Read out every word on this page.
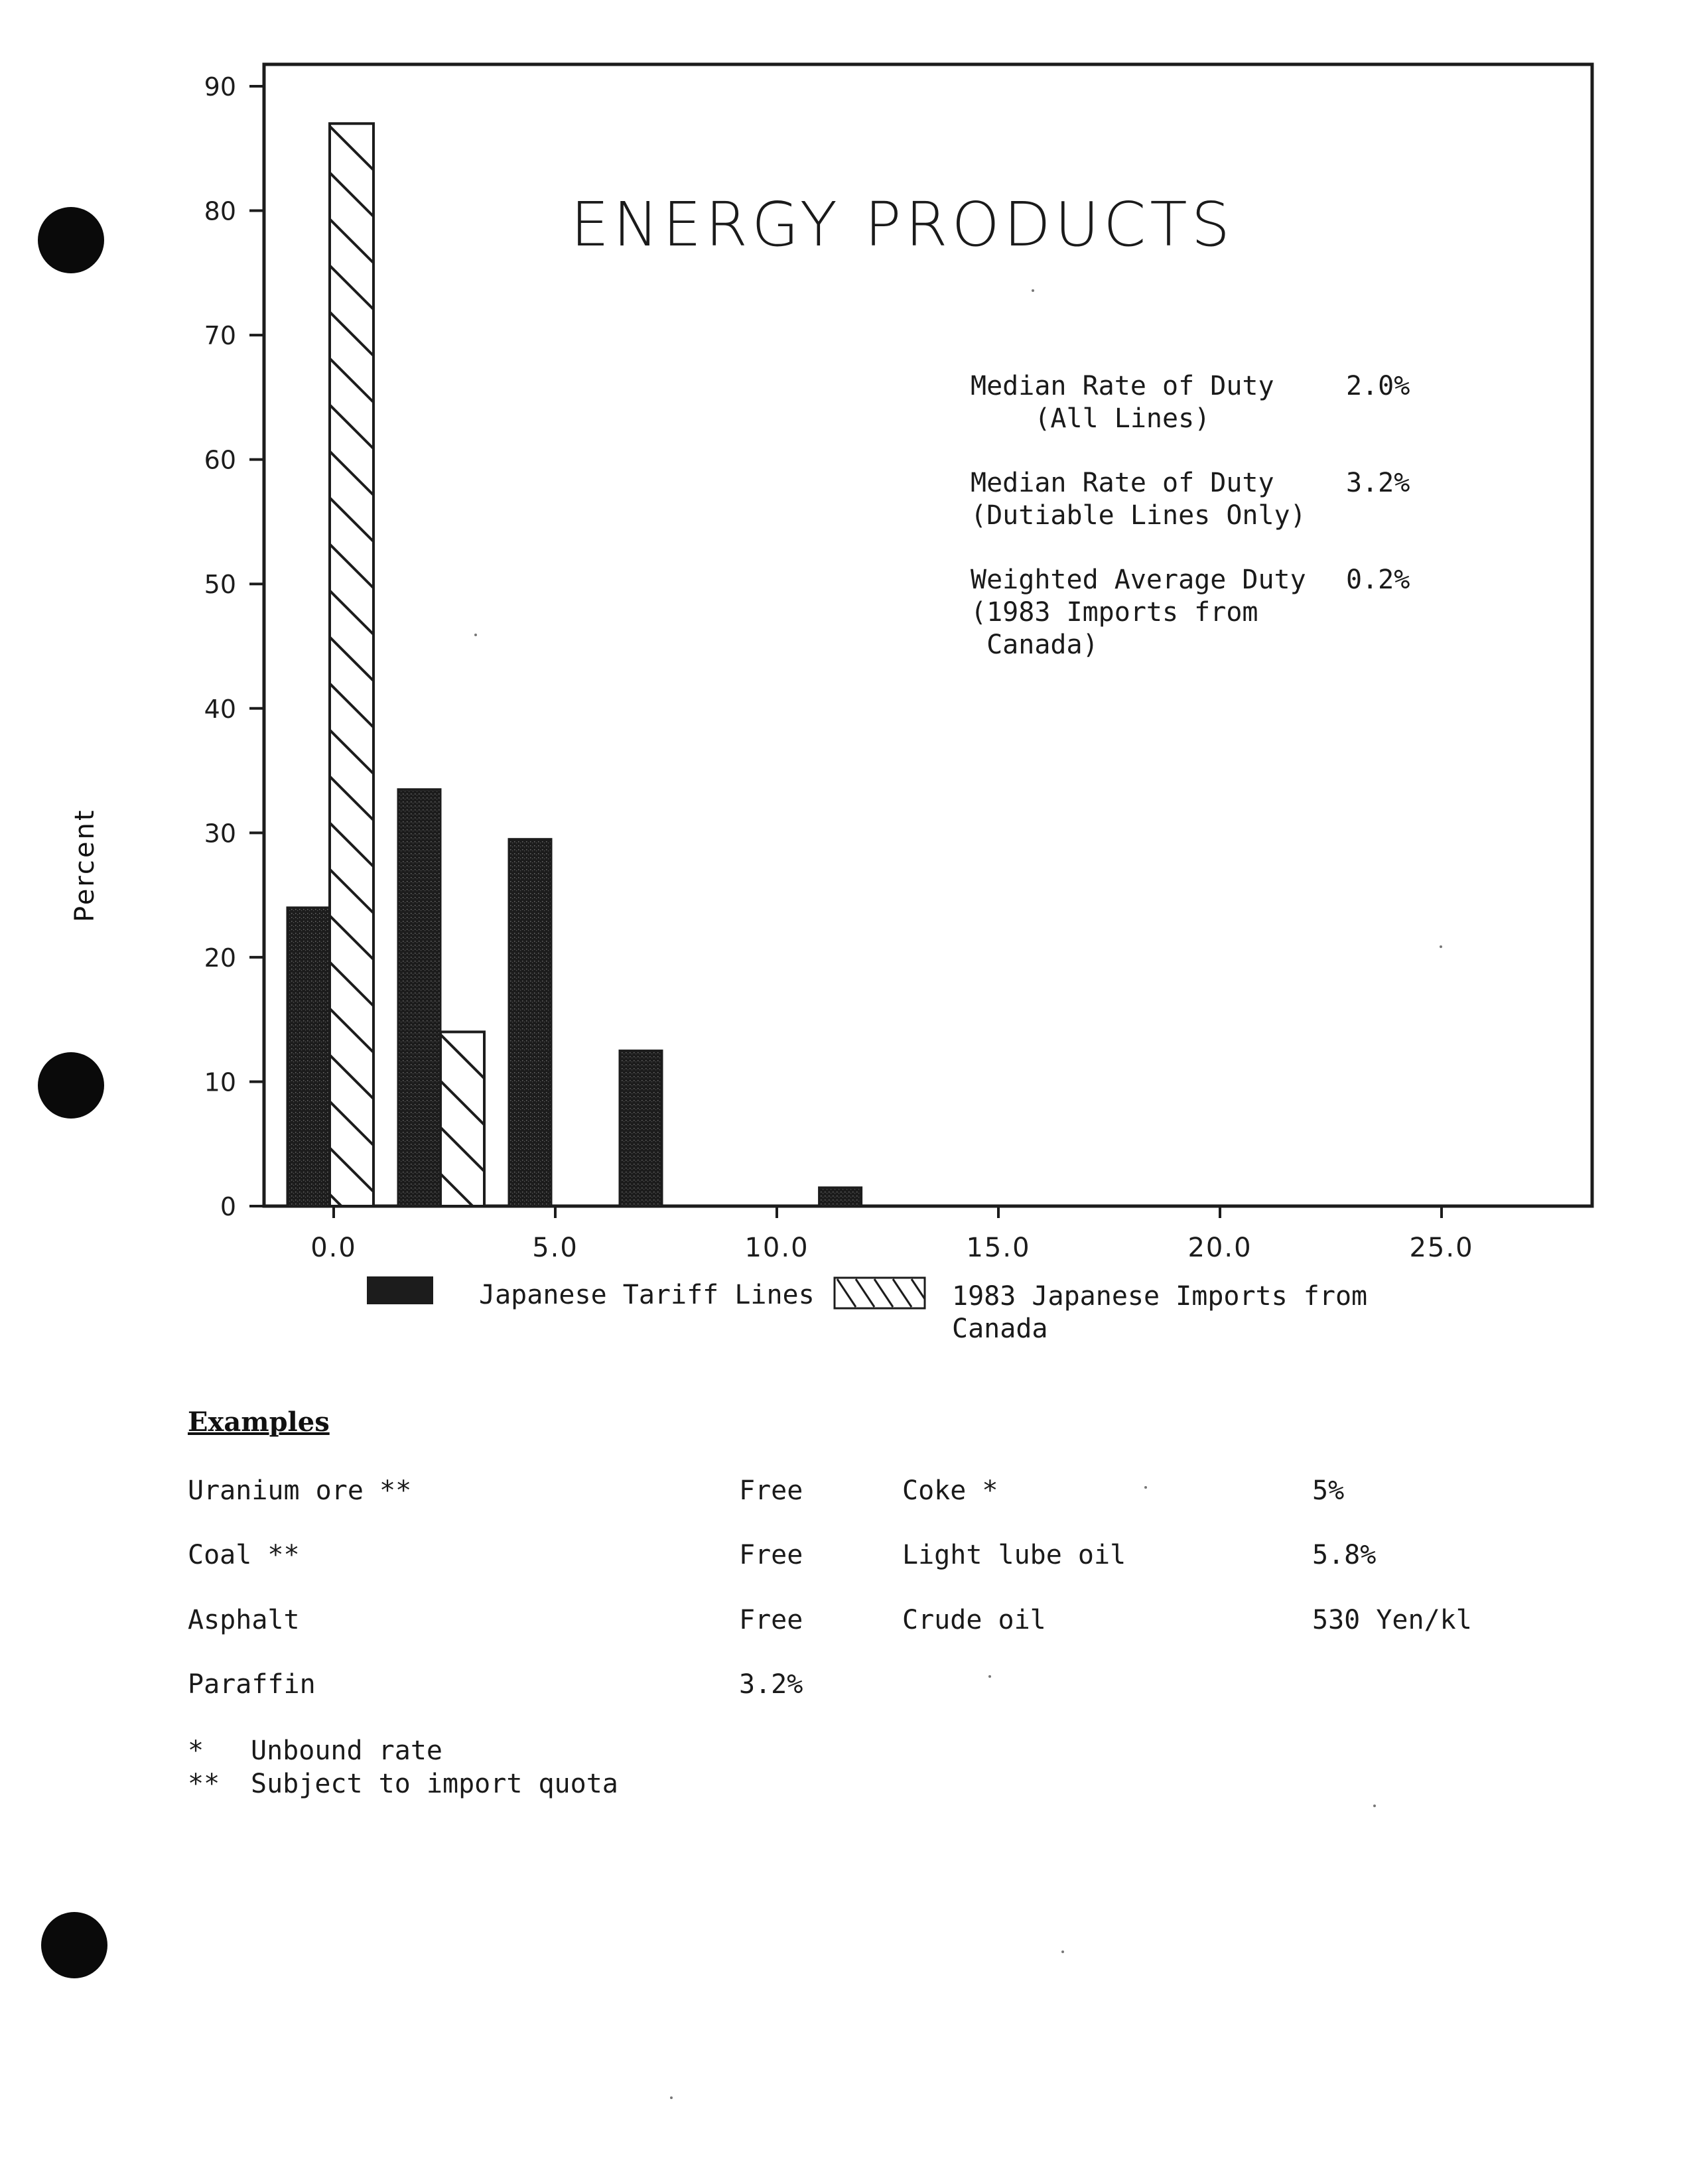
0
10
20
30
40
50
60
70
80
90
0.0	5.0	10.0	15.0	20.0	25.0
Percent
ENERGY PRODUCTS
Median Rate of Duty
(All Lines)
2.0%
Median Rate of Duty
(Dutiable Lines Only)
3.2%
Weighted Average Duty
(1983 Imports from
Canada)
0.2%
Japanese Tariff Lines	1983 Japanese Imports from Canada
Examples
Uranium ore **	Free	Coke *	5%
Coal **	Free	Light lube oil	5.8%
Asphalt	Free	Crude oil	530 Yen/kl
Paraffin	3.2%
* Unbound rate
** Subject to import quota
